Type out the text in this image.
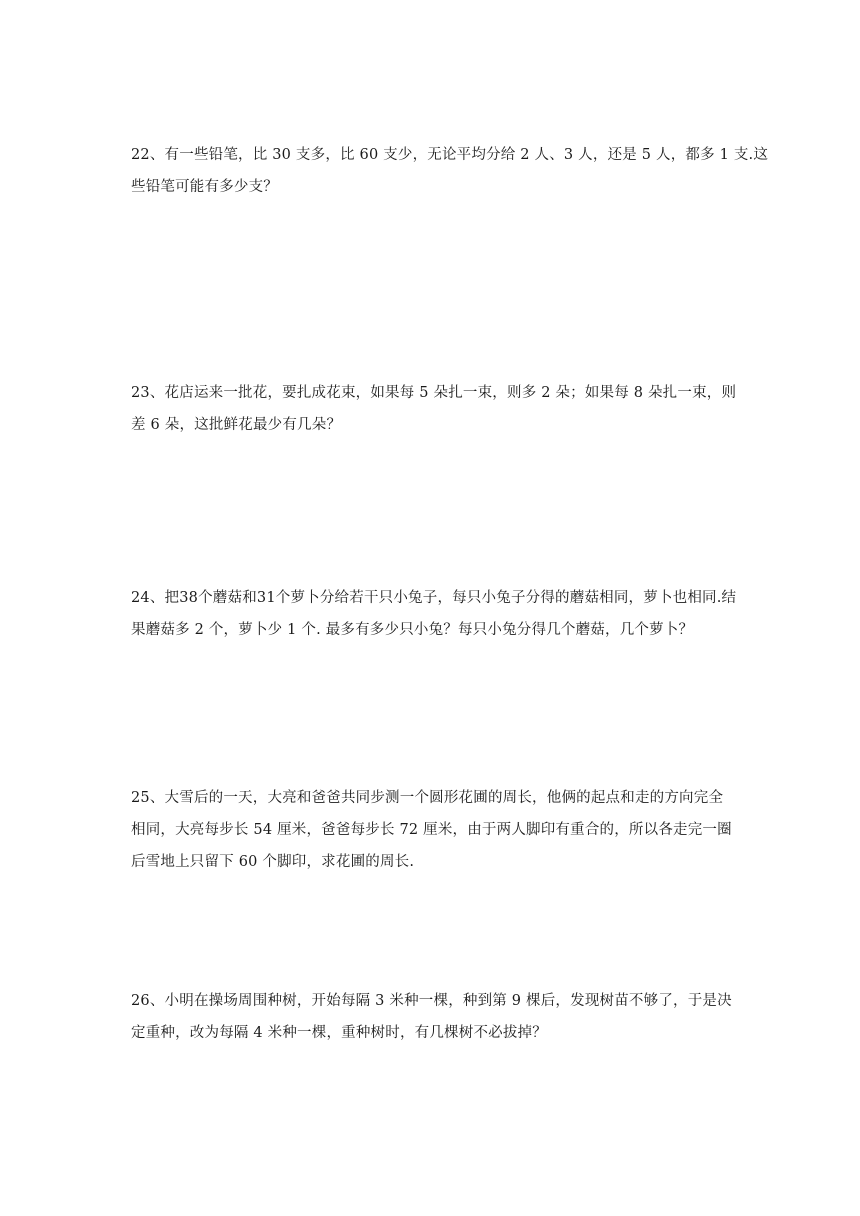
22、有一些铅笔，比 30 支多，比 60 支少，无论平均分给 2 人、3 人，还是 5 人，都多 1 支.这
些铅笔可能有多少支？

23、花店运来一批花，要扎成花束，如果每 5 朵扎一束，则多 2 朵；如果每 8 朵扎一束，则
差 6 朵，这批鲜花最少有几朵？

24、把38个蘑菇和31个萝卜分给若干只小兔子，每只小兔子分得的蘑菇相同，萝卜也相同.结
果蘑菇多 2 个，萝卜少 1 个. 最多有多少只小兔？每只小兔分得几个蘑菇，几个萝卜？

25、大雪后的一天，大亮和爸爸共同步测一个圆形花圃的周长，他俩的起点和走的方向完全
相同，大亮每步长 54 厘米，爸爸每步长 72 厘米，由于两人脚印有重合的，所以各走完一圈
后雪地上只留下 60 个脚印，求花圃的周长.

26、小明在操场周围种树，开始每隔 3 米种一棵，种到第 9 棵后，发现树苗不够了，于是决
定重种，改为每隔 4 米种一棵，重种树时，有几棵树不必拔掉？
